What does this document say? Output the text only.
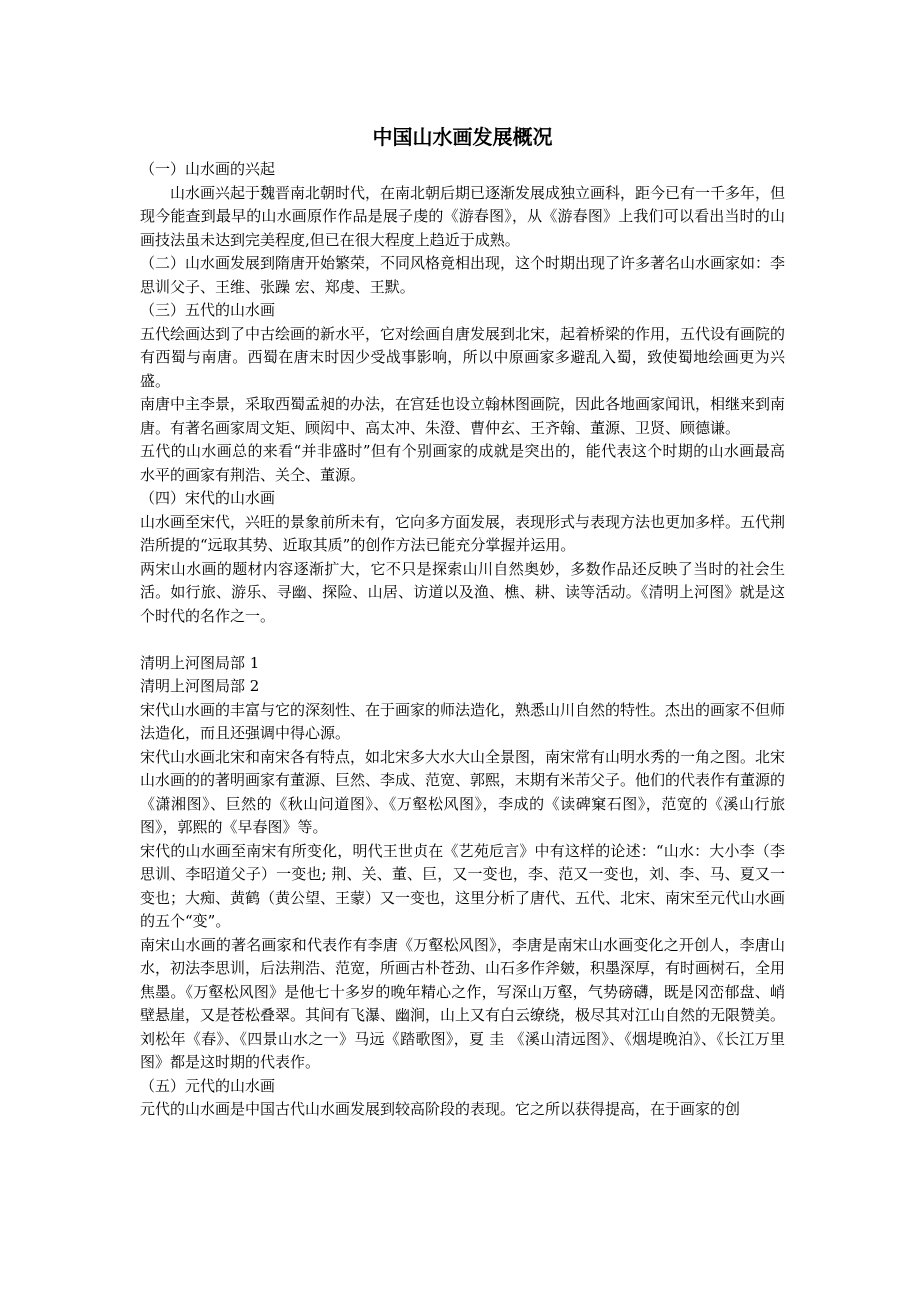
中国山水画发展概况

（一）山水画的兴起

山水画兴起于魏晋南北朝时代，在南北朝后期已逐渐发展成独立画科，距今已有一千多年，但现今能查到最早的山水画原作作品是展子虔的《游春图》，从《游春图》上我们可以看出当时的山画技法虽未达到完美程度,但已在很大程度上趋近于成熟。

（二）山水画发展到隋唐开始繁荣，不同风格竟相出现，这个时期出现了许多著名山水画家如：李思训父子、王维、张躁 宏、郑虔、王默。

（三）五代的山水画

五代绘画达到了中古绘画的新水平，它对绘画自唐发展到北宋，起着桥梁的作用，五代设有画院的有西蜀与南唐。西蜀在唐末时因少受战事影响，所以中原画家多避乱入蜀，致使蜀地绘画更为兴盛。

南唐中主李景，采取西蜀孟昶的办法，在宫廷也设立翰林图画院，因此各地画家闻讯，相继来到南唐。有著名画家周文矩、顾闳中、高太冲、朱澄、曹仲玄、王齐翰、董源、卫贤、顾德谦。

五代的山水画总的来看“并非盛时”但有个别画家的成就是突出的，能代表这个时期的山水画最高水平的画家有荆浩、关仝、董源。

（四）宋代的山水画

山水画至宋代，兴旺的景象前所未有，它向多方面发展，表现形式与表现方法也更加多样。五代荆浩所提的“远取其势、近取其质”的创作方法已能充分掌握并运用。

两宋山水画的题材内容逐渐扩大，它不只是探索山川自然奥妙，多数作品还反映了当时的社会生活。如行旅、游乐、寻幽、探险、山居、访道以及渔、樵、耕、读等活动。《清明上河图》就是这个时代的名作之一。

清明上河图局部 1

清明上河图局部 2

宋代山水画的丰富与它的深刻性、在于画家的师法造化，熟悉山川自然的特性。杰出的画家不但师法造化，而且还强调中得心源。

宋代山水画北宋和南宋各有特点，如北宋多大水大山全景图，南宋常有山明水秀的一角之图。北宋山水画的的著明画家有董源、巨然、李成、范宽、郭熙，末期有米芾父子。他们的代表作有董源的《潇湘图》、巨然的《秋山问道图》、《万壑松风图》，李成的《读碑窠石图》，范宽的《溪山行旅图》，郭熙的《早春图》等。

宋代的山水画至南宋有所变化，明代王世贞在《艺苑卮言》中有这样的论述：“山水：大小李（李思训、李昭道父子）一变也; 荆、关、董、巨，又一变也，李、范又一变也，刘、李、马、夏又一变也；大痴、黄鹤（黄公望、王蒙）又一变也，这里分析了唐代、五代、北宋、南宋至元代山水画的五个“变”。

南宋山水画的著名画家和代表作有李唐《万壑松风图》，李唐是南宋山水画变化之开创人，李唐山水，初法李思训，后法荆浩、范宽，所画古朴苍劲、山石多作斧皴，积墨深厚，有时画树石，全用焦墨。《万壑松风图》是他七十多岁的晚年精心之作，写深山万壑，气势磅礴，既是冈峦郁盘、峭壁悬崖，又是苍松叠翠。其间有飞瀑、幽涧，山上又有白云缭绕，极尽其对江山自然的无限赞美。刘松年《春》、《四景山水之一》马远《踏歌图》，夏 圭 《溪山清远图》、《烟堤晚泊》、《长江万里图》都是这时期的代表作。

（五）元代的山水画

元代的山水画是中国古代山水画发展到较高阶段的表现。它之所以获得提高，在于画家的创
